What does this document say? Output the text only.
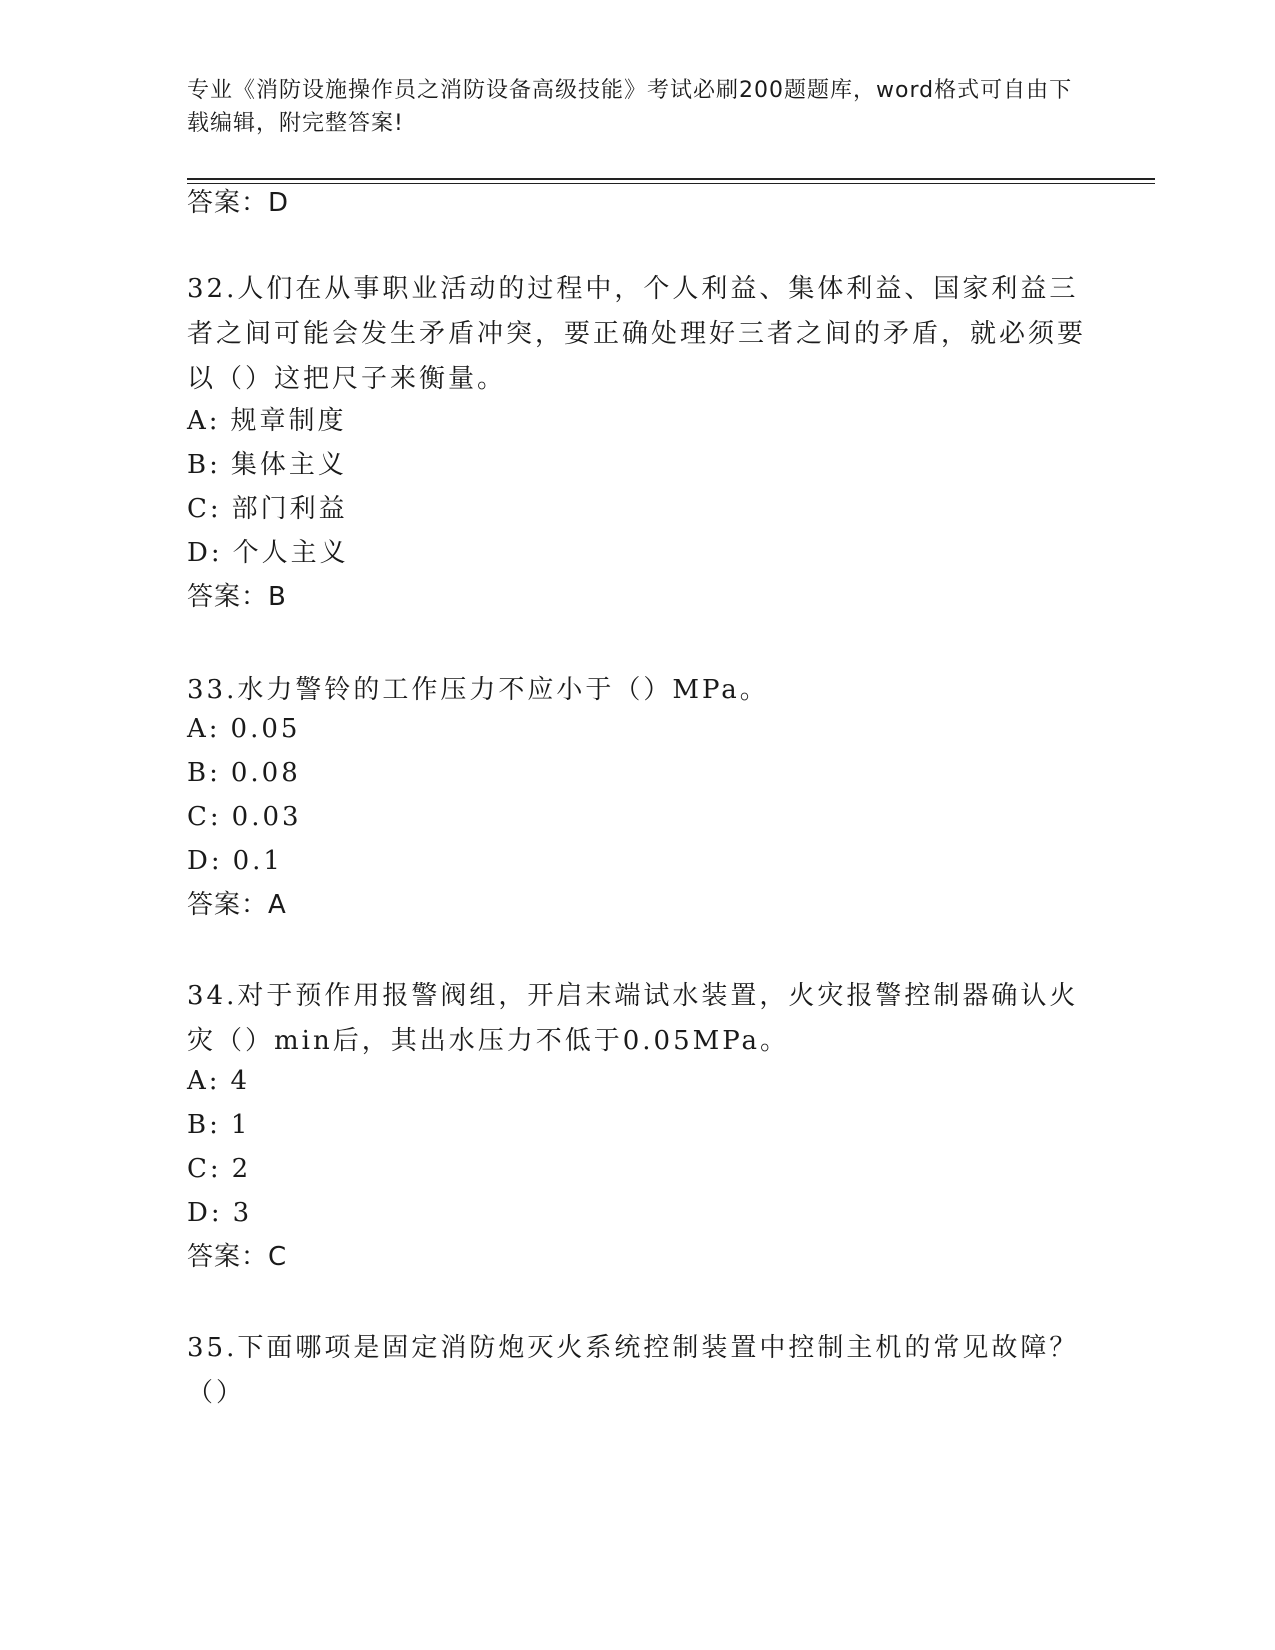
专业《消防设施操作员之消防设备高级技能》考试必刷200题题库，word格式可自由下载编辑，附完整答案!
答案：D
32.人们在从事职业活动的过程中，个人利益、集体利益、国家利益三者之间可能会发生矛盾冲突，要正确处理好三者之间的矛盾，就必须要以（）这把尺子来衡量。
A: 规章制度
B: 集体主义
C: 部门利益
D: 个人主义
答案：B
33.水力警铃的工作压力不应小于（）MPa。
A: 0.05
B: 0.08
C: 0.03
D: 0.1
答案：A
34.对于预作用报警阀组，开启末端试水装置，火灾报警控制器确认火灾（）min后，其出水压力不低于0.05MPa。
A: 4
B: 1
C: 2
D: 3
答案：C
35.下面哪项是固定消防炮灭火系统控制装置中控制主机的常见故障？（）
